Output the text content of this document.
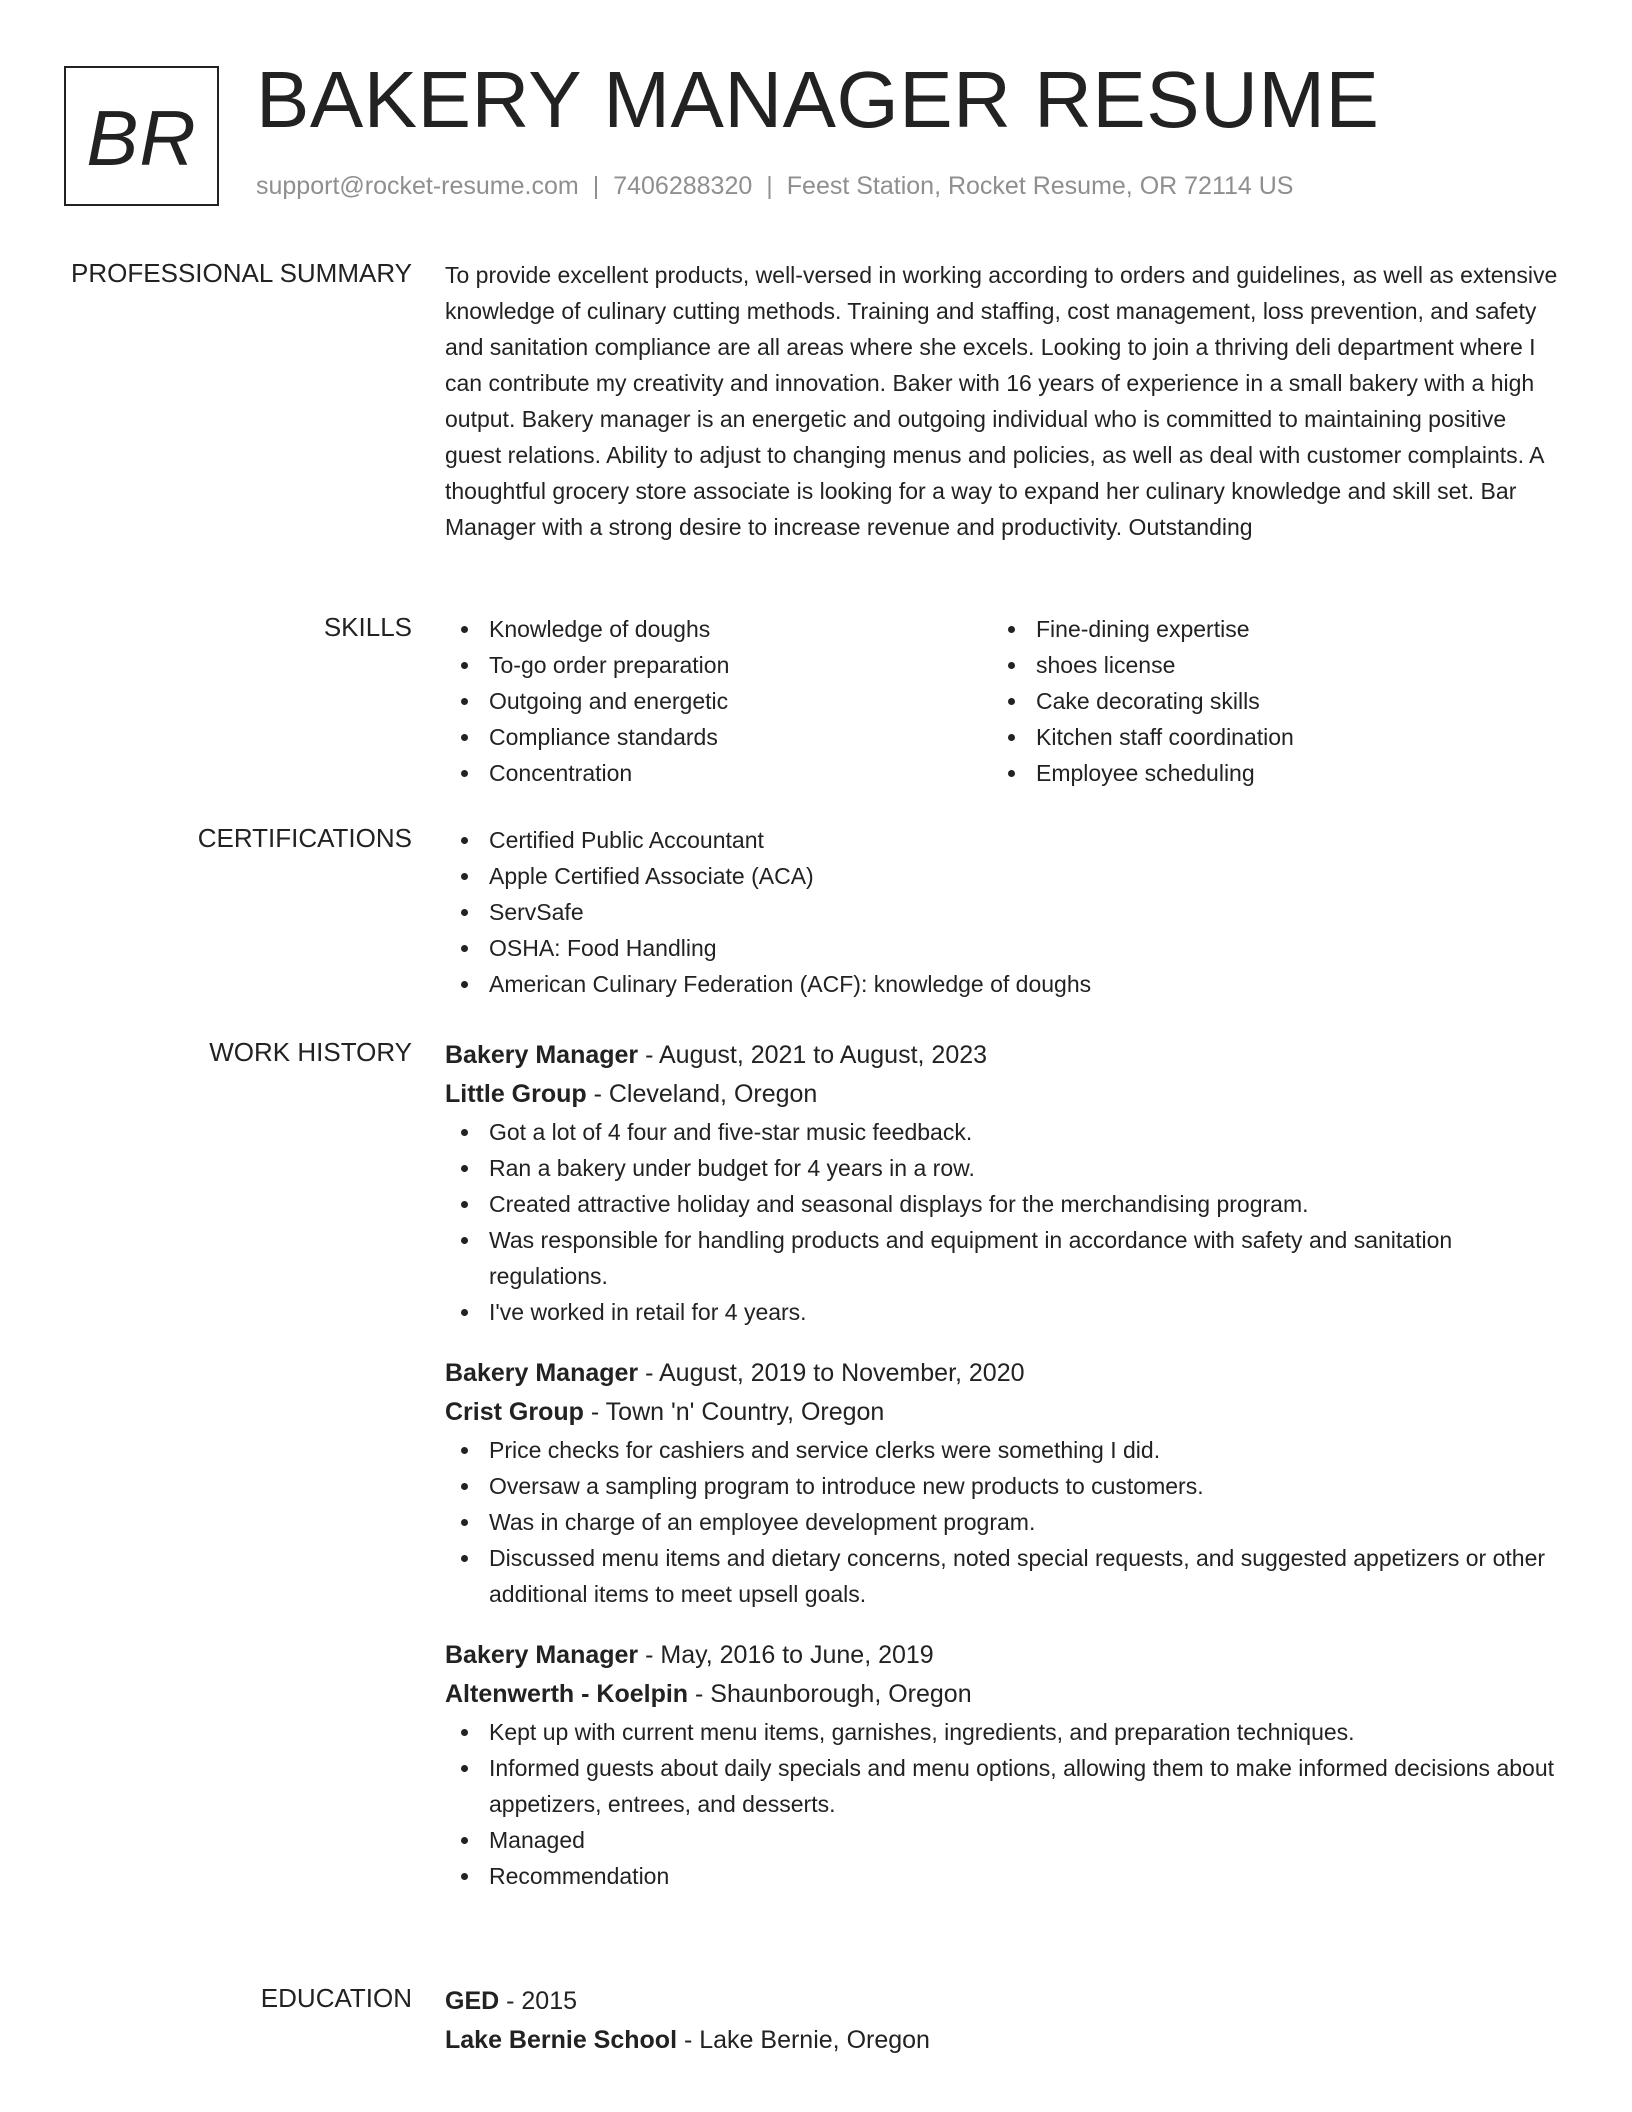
BR BAKERY MANAGER RESUME
support@rocket-resume.com | 7406288320 | Feest Station, Rocket Resume, OR 72114 US
PROFESSIONAL SUMMARY To provide excellent products, well-versed in working according to orders and guidelines, as well as extensive knowledge of culinary cutting methods. Training and staffing, cost management, loss prevention, and safety and sanitation compliance are all areas where she excels. Looking to join a thriving deli department where I can contribute my creativity and innovation. Baker with 16 years of experience in a small bakery with a high output. Bakery manager is an energetic and outgoing individual who is committed to maintaining positive guest relations. Ability to adjust to changing menus and policies, as well as deal with customer complaints. A thoughtful grocery store associate is looking for a way to expand her culinary knowledge and skill set. Bar Manager with a strong desire to increase revenue and productivity. Outstanding

SKILLS	Knowledge of doughs
To-go order preparation
Outgoing and energetic
Compliance standards
Concentration
Fine-dining expertise
shoes license
Cake decorating skills
Kitchen staff coordination
Employee scheduling
CERTIFICATIONS	Certified Public Accountant
Apple Certified Associate (ACA)
ServSafe
OSHA: Food Handling
American Culinary Federation (ACF): knowledge of doughs
WORK HISTORY Bakery Manager - August, 2021 to August, 2023
Little Group - Cleveland, Oregon
Got a lot of 4 four and five-star music feedback.
Ran a bakery under budget for 4 years in a row.
Created attractive holiday and seasonal displays for the merchandising program.
Was responsible for handling products and equipment in accordance with safety and sanitation regulations.
I've worked in retail for 4 years.
Bakery Manager - August, 2019 to November, 2020
Crist Group - Town 'n' Country, Oregon
Price checks for cashiers and service clerks were something I did.
Oversaw a sampling program to introduce new products to customers.
Was in charge of an employee development program.
Discussed menu items and dietary concerns, noted special requests, and suggested appetizers or other additional items to meet upsell goals.
Bakery Manager - May, 2016 to June, 2019
Altenwerth - Koelpin - Shaunborough, Oregon
Kept up with current menu items, garnishes, ingredients, and preparation techniques.
Informed guests about daily specials and menu options, allowing them to make informed decisions about appetizers, entrees, and desserts.
Managed
Recommendation
EDUCATION GED - 2015
Lake Bernie School - Lake Bernie, Oregon
